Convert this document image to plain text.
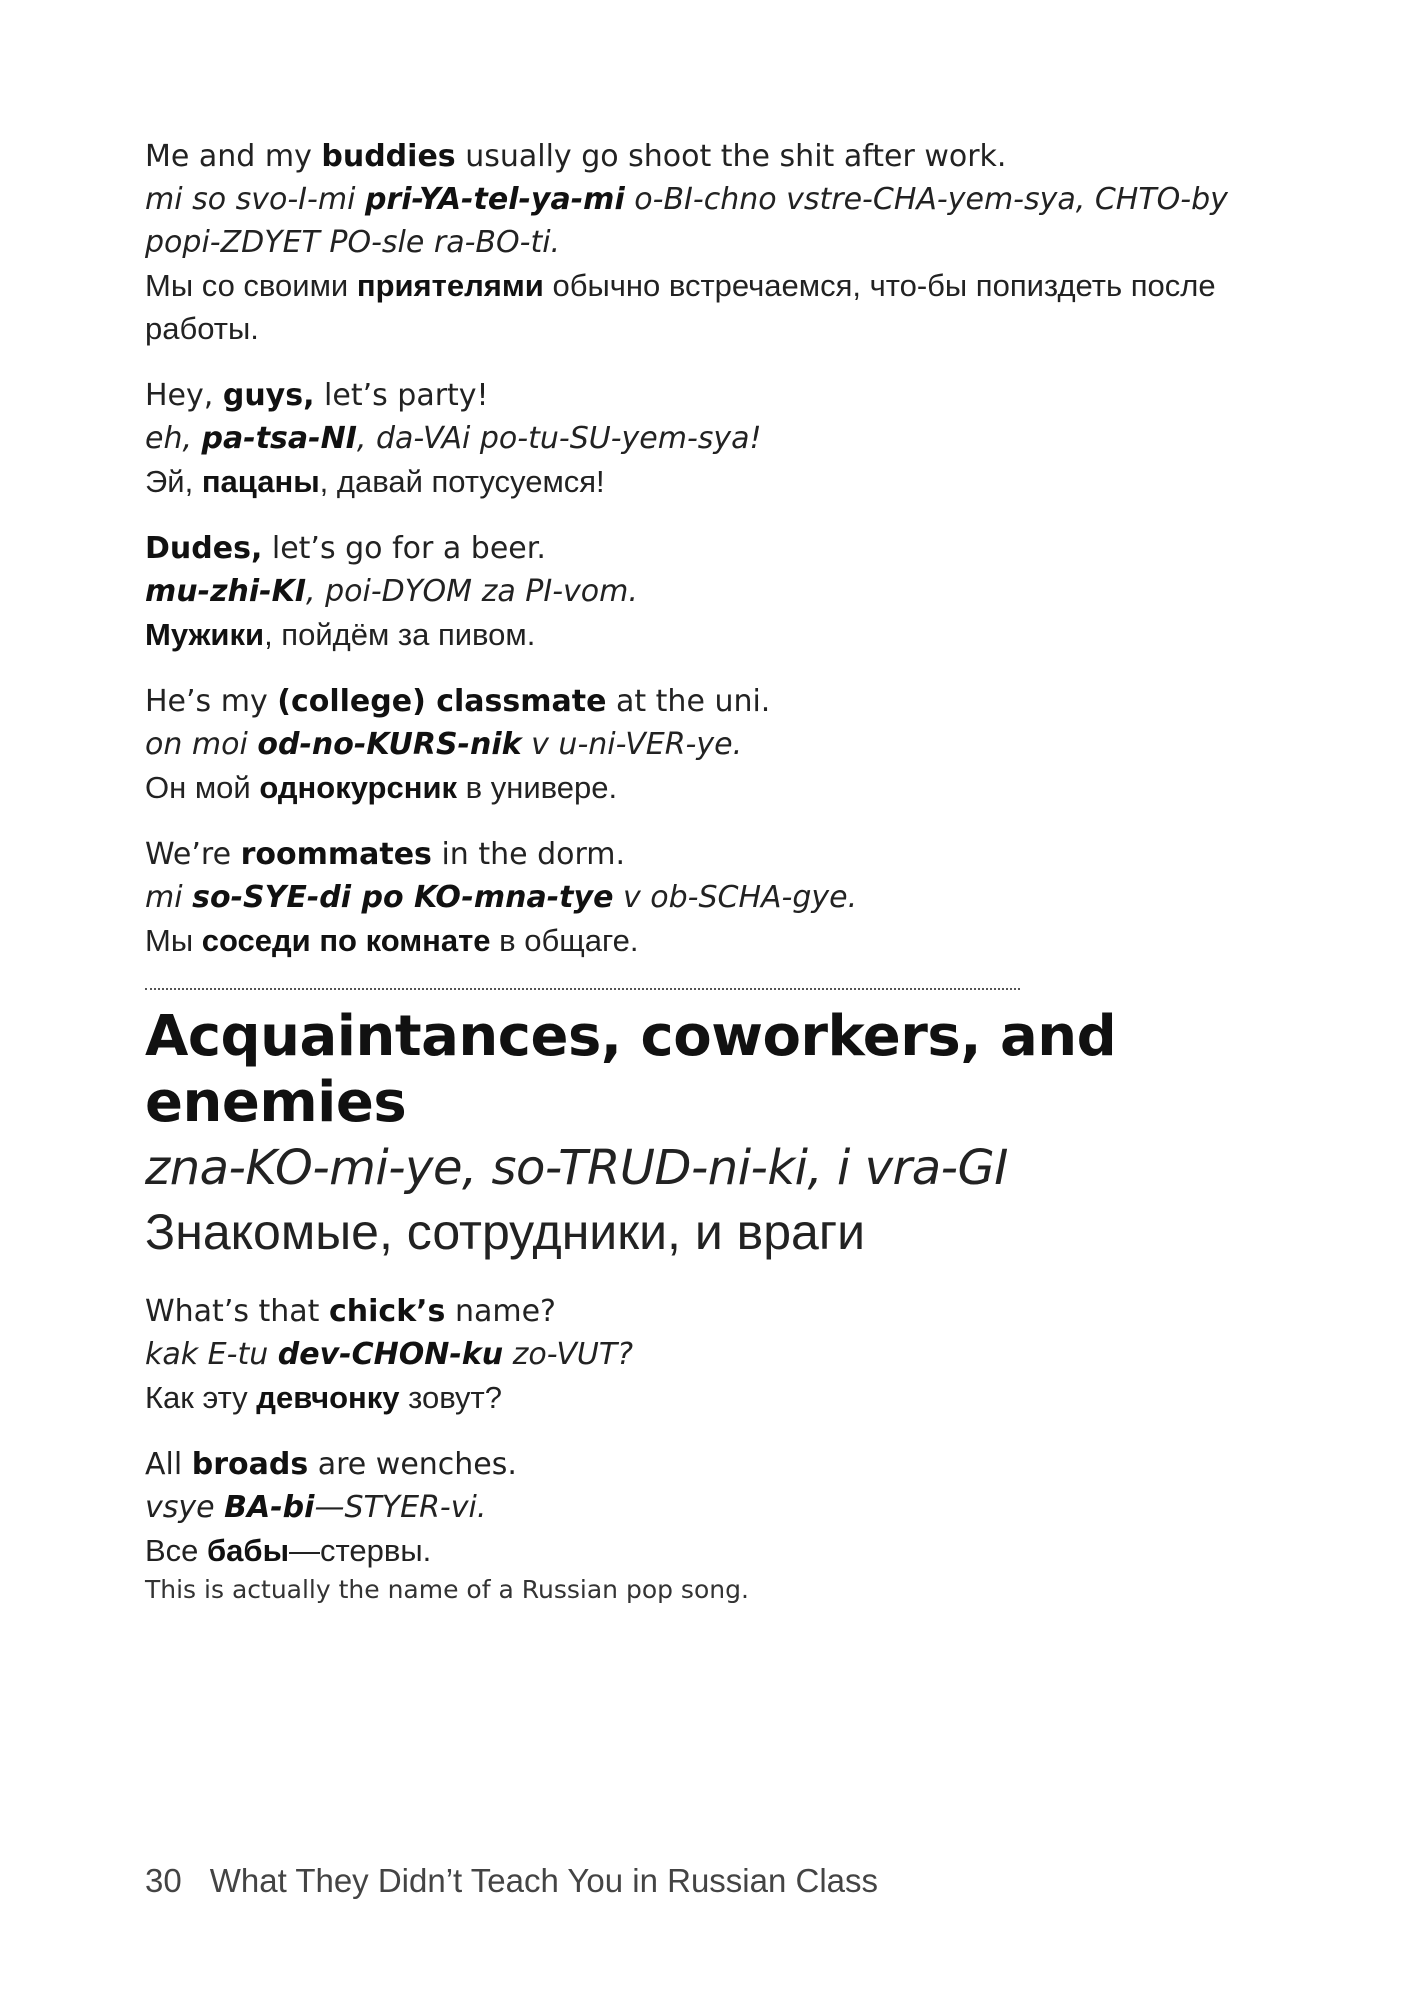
Me and my buddies usually go shoot the shit after work.
mi so svo-I-mi pri-YA-tel-ya-mi o-BI-chno vstre-CHA-yem-sya, CHTO-by popi-ZDYET PO-sle ra-BO-ti.
Мы со своими приятелями обычно встречаемся, что-бы попиздеть после работы.
Hey, guys, let’s party!
eh, pa-tsa-NI, da-VAi po-tu-SU-yem-sya!
Эй, пацаны, давай потусуемся!
Dudes, let’s go for a beer.
mu-zhi-KI, poi-DYOM za PI-vom.
Мужики, пойдём за пивом.
He’s my (college) classmate at the uni.
on moi od-no-KURS-nik v u-ni-VER-ye.
Он мой однокурсник в универе.
We’re roommates in the dorm.
mi so-SYE-di po KO-mna-tye v ob-SCHA-gye.
Мы соседи по комнате в общаге.
Acquaintances, coworkers, and enemies
zna-KO-mi-ye, so-TRUD-ni-ki, i vra-GI
Знакомые, сотрудники, и враги
What’s that chick’s name?
kak E-tu dev-CHON-ku zo-VUT?
Как эту девчонку зовут?
All broads are wenches.
vsye BA-bi—STYER-vi.
Все бабы—стервы.
This is actually the name of a Russian pop song.
30 What They Didn’t Teach You in Russian Class
